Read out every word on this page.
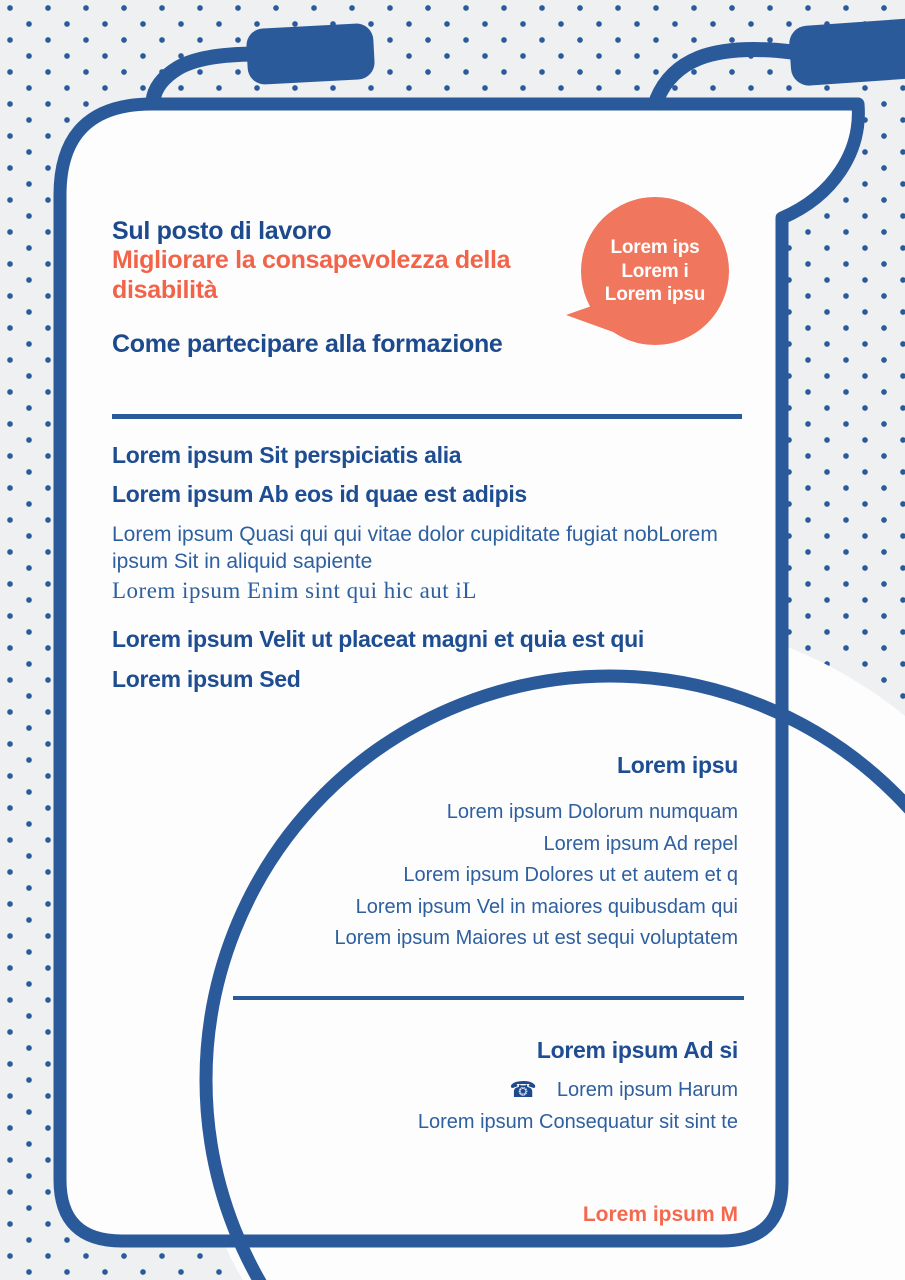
Sul posto di lavoro
Migliorare la consapevolezza della disabilità
Come partecipare alla formazione
Lorem ips
Lorem i
Lorem ipsu
Lorem ipsum Sit perspiciatis alia
Lorem ipsum Ab eos id quae est adipis
Lorem ipsum Quasi qui qui vitae dolor cupiditate fugiat nobLorem ipsum Sit in aliquid sapiente
Lorem ipsum Enim sint qui hic aut iL
Lorem ipsum Velit ut placeat magni et quia est qui
Lorem ipsum Sed
Lorem ipsu
Lorem ipsum Dolorum numquam
Lorem ipsum Ad repel
Lorem ipsum Dolores ut et autem et q
Lorem ipsum Vel in maiores quibusdam qui
Lorem ipsum Maiores ut est sequi voluptatem
Lorem ipsum Ad si
☎ Lorem ipsum Harum
Lorem ipsum Consequatur sit sint te
Lorem ipsum M
